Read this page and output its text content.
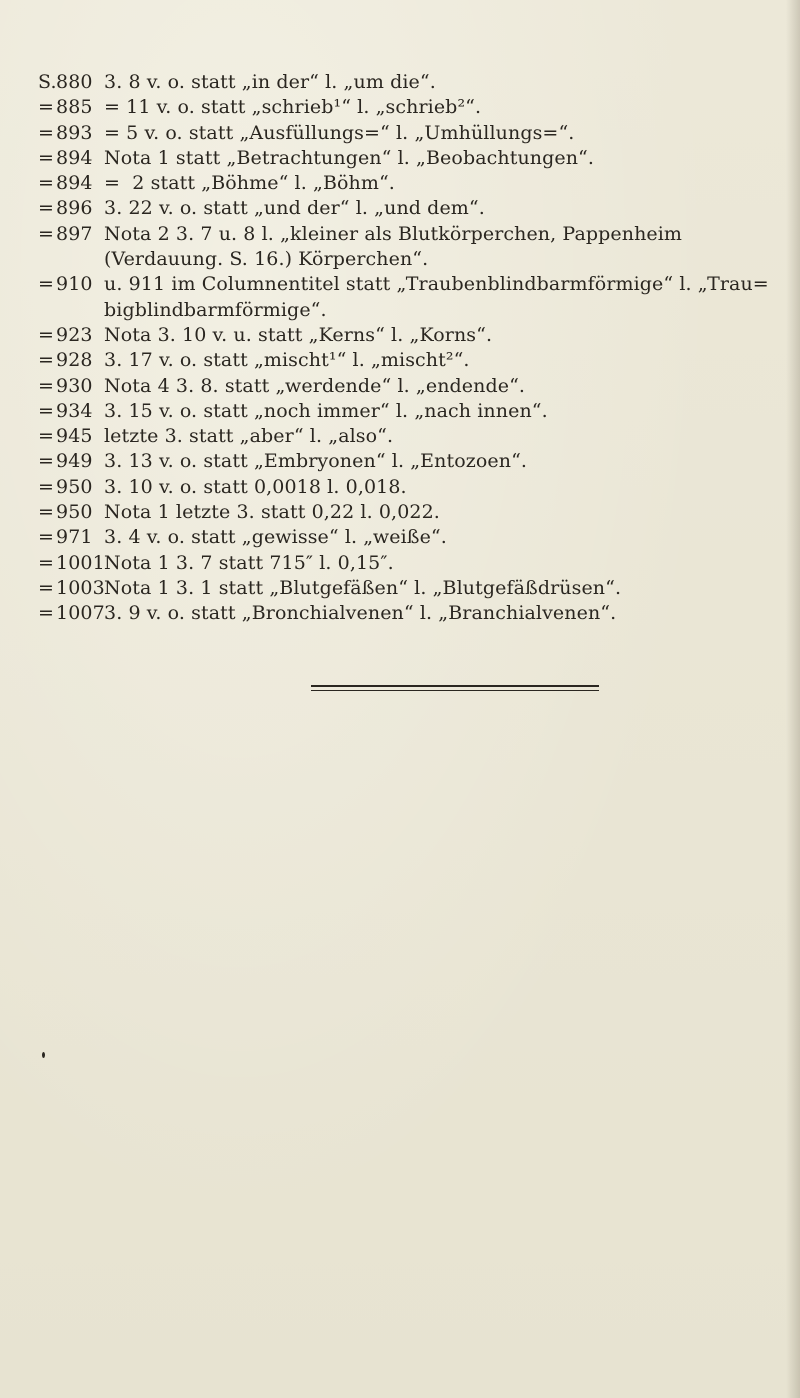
S. 880 3. 8 v. o. statt „in der“ l. „um die“.
= 885 = 11 v. o. statt „schrieb¹“ l. „schrieb²“.
= 893 = 5 v. o. statt „Ausfüllungs=“ l. „Umhüllungs=“.
= 894 Nota 1 statt „Betrachtungen“ l. „Beobachtungen“.
= 894 =  2 statt „Böhme“ l. „Böhm“.
= 896 3. 22 v. o. statt „und der“ l. „und dem“.
= 897 Nota 2 3. 7 u. 8 l. „kleiner als Blutkörperchen, Pappenheim
(Verdauung. S. 16.) Körperchen“.
= 910 u. 911 im Columnentitel statt „Traubenblindbarmförmige“ l. „Trau=
bigblindbarmförmige“.
= 923 Nota 3. 10 v. u. statt „Kerns“ l. „Korns“.
= 928 3. 17 v. o. statt „mischt¹“ l. „mischt²“.
= 930 Nota 4 3. 8. statt „werdende“ l. „endende“.
= 934 3. 15 v. o. statt „noch immer“ l. „nach innen“.
= 945 letzte 3. statt „aber“ l. „also“.
= 949 3. 13 v. o. statt „Embryonen“ l. „Entozoen“.
= 950 3. 10 v. o. statt 0,0018 l. 0,018.
= 950 Nota 1 letzte 3. statt 0,22 l. 0,022.
= 971 3. 4 v. o. statt „gewisse“ l. „weiße“.
= 1001 Nota 1 3. 7 statt 715″ l. 0,15″.
= 1003 Nota 1 3. 1 statt „Blutgefäßen“ l. „Blutgefäßdrüsen“.
= 1007 3. 9 v. o. statt „Bronchialvenen“ l. „Branchialvenen“.
